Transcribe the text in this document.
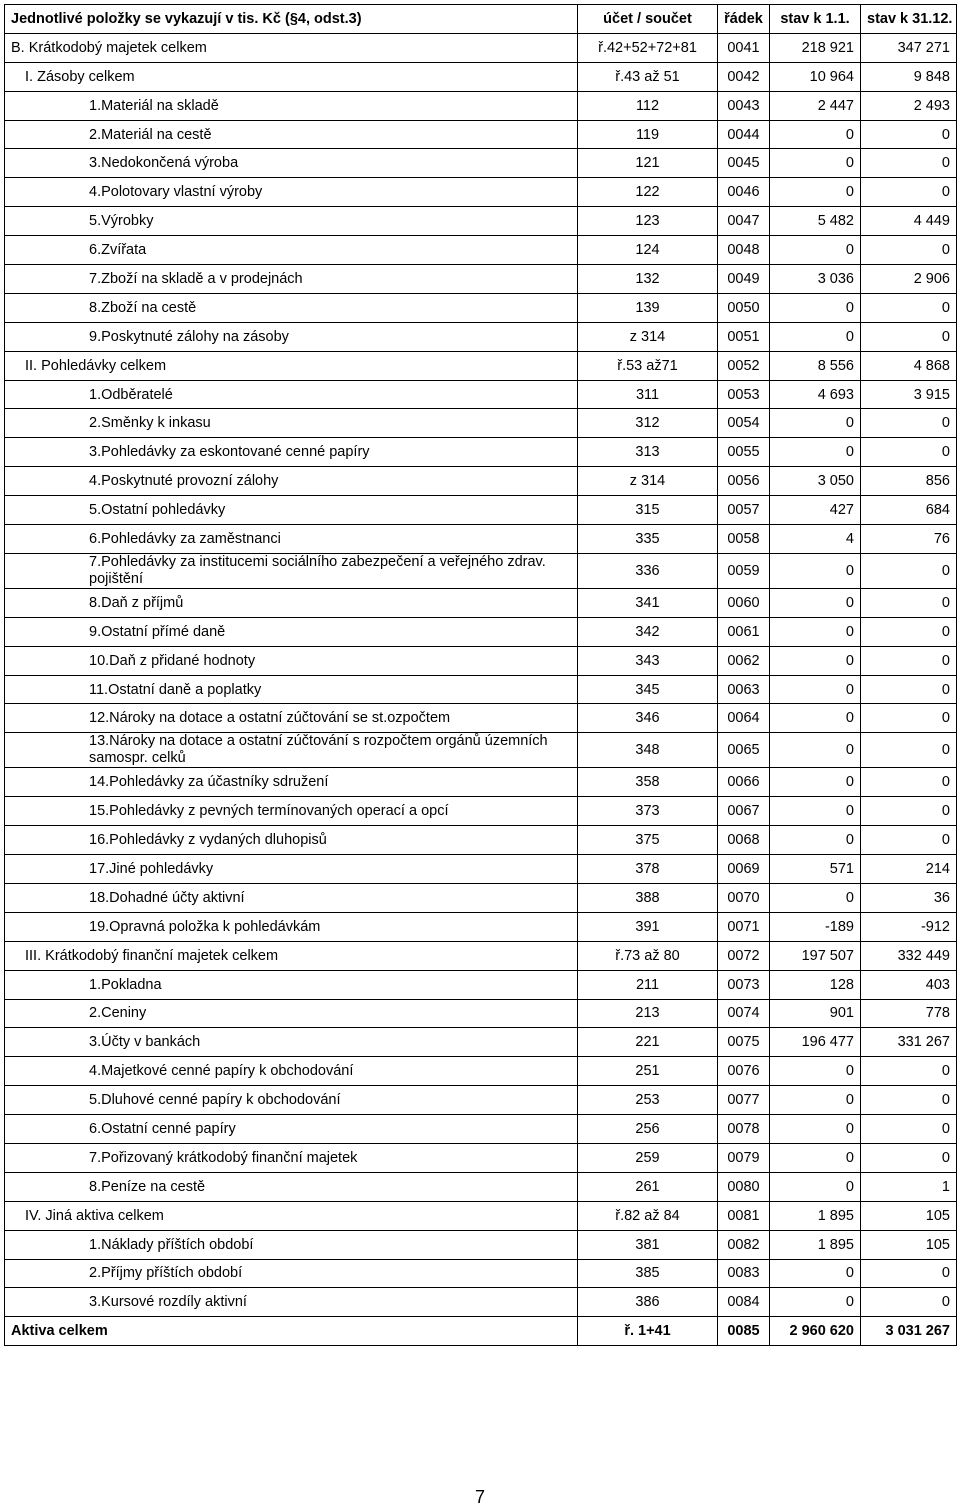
Jednotlivé položky se vykazují v tis. Kč (§4, odst.3)	účet / součet	řádek	stav k 1.1.	stav k 31.12.
B. Krátkodobý majetek celkem	ř.42+52+72+81	0041	218 921	347 271
I. Zásoby celkem	ř.43 až 51	0042	10 964	9 848
1.Materiál na skladě	112	0043	2 447	2 493
2.Materiál na cestě	119	0044	0	0
3.Nedokončená výroba	121	0045	0	0
4.Polotovary vlastní výroby	122	0046	0	0
5.Výrobky	123	0047	5 482	4 449
6.Zvířata	124	0048	0	0
7.Zboží na skladě a v prodejnách	132	0049	3 036	2 906
8.Zboží na cestě	139	0050	0	0
9.Poskytnuté zálohy na zásoby	z 314	0051	0	0
II. Pohledávky celkem	ř.53 až71	0052	8 556	4 868
1.Odběratelé	311	0053	4 693	3 915
2.Směnky k inkasu	312	0054	0	0
3.Pohledávky za eskontované cenné papíry	313	0055	0	0
4.Poskytnuté provozní zálohy	z 314	0056	3 050	856
5.Ostatní pohledávky	315	0057	427	684
6.Pohledávky za zaměstnanci	335	0058	4	76
7.Pohledávky za institucemi sociálního zabezpečení a veřejného zdrav. pojištění	336	0059	0	0
8.Daň z příjmů	341	0060	0	0
9.Ostatní přímé daně	342	0061	0	0
10.Daň z přidané hodnoty	343	0062	0	0
11.Ostatní daně a poplatky	345	0063	0	0
12.Nároky na dotace a ostatní zúčtování se st.ozpočtem	346	0064	0	0
13.Nároky na dotace a ostatní zúčtování s rozpočtem orgánů územních samospr. celků	348	0065	0	0
14.Pohledávky za účastníky sdružení	358	0066	0	0
15.Pohledávky z pevných termínovaných operací a opcí	373	0067	0	0
16.Pohledávky z vydaných dluhopisů	375	0068	0	0
17.Jiné pohledávky	378	0069	571	214
18.Dohadné účty aktivní	388	0070	0	36
19.Opravná položka k pohledávkám	391	0071	-189	-912
III. Krátkodobý finanční majetek celkem	ř.73 až 80	0072	197 507	332 449
1.Pokladna	211	0073	128	403
2.Ceniny	213	0074	901	778
3.Účty v bankách	221	0075	196 477	331 267
4.Majetkové cenné papíry k obchodování	251	0076	0	0
5.Dluhové cenné papíry k obchodování	253	0077	0	0
6.Ostatní cenné papíry	256	0078	0	0
7.Pořizovaný krátkodobý finanční majetek	259	0079	0	0
8.Peníze na cestě	261	0080	0	1
IV. Jiná aktiva celkem	ř.82 až 84	0081	1 895	105
1.Náklady příštích období	381	0082	1 895	105
2.Příjmy příštích období	385	0083	0	0
3.Kursové rozdíly aktivní	386	0084	0	0
Aktiva celkem	ř. 1+41	0085	2 960 620	3 031 267
7
